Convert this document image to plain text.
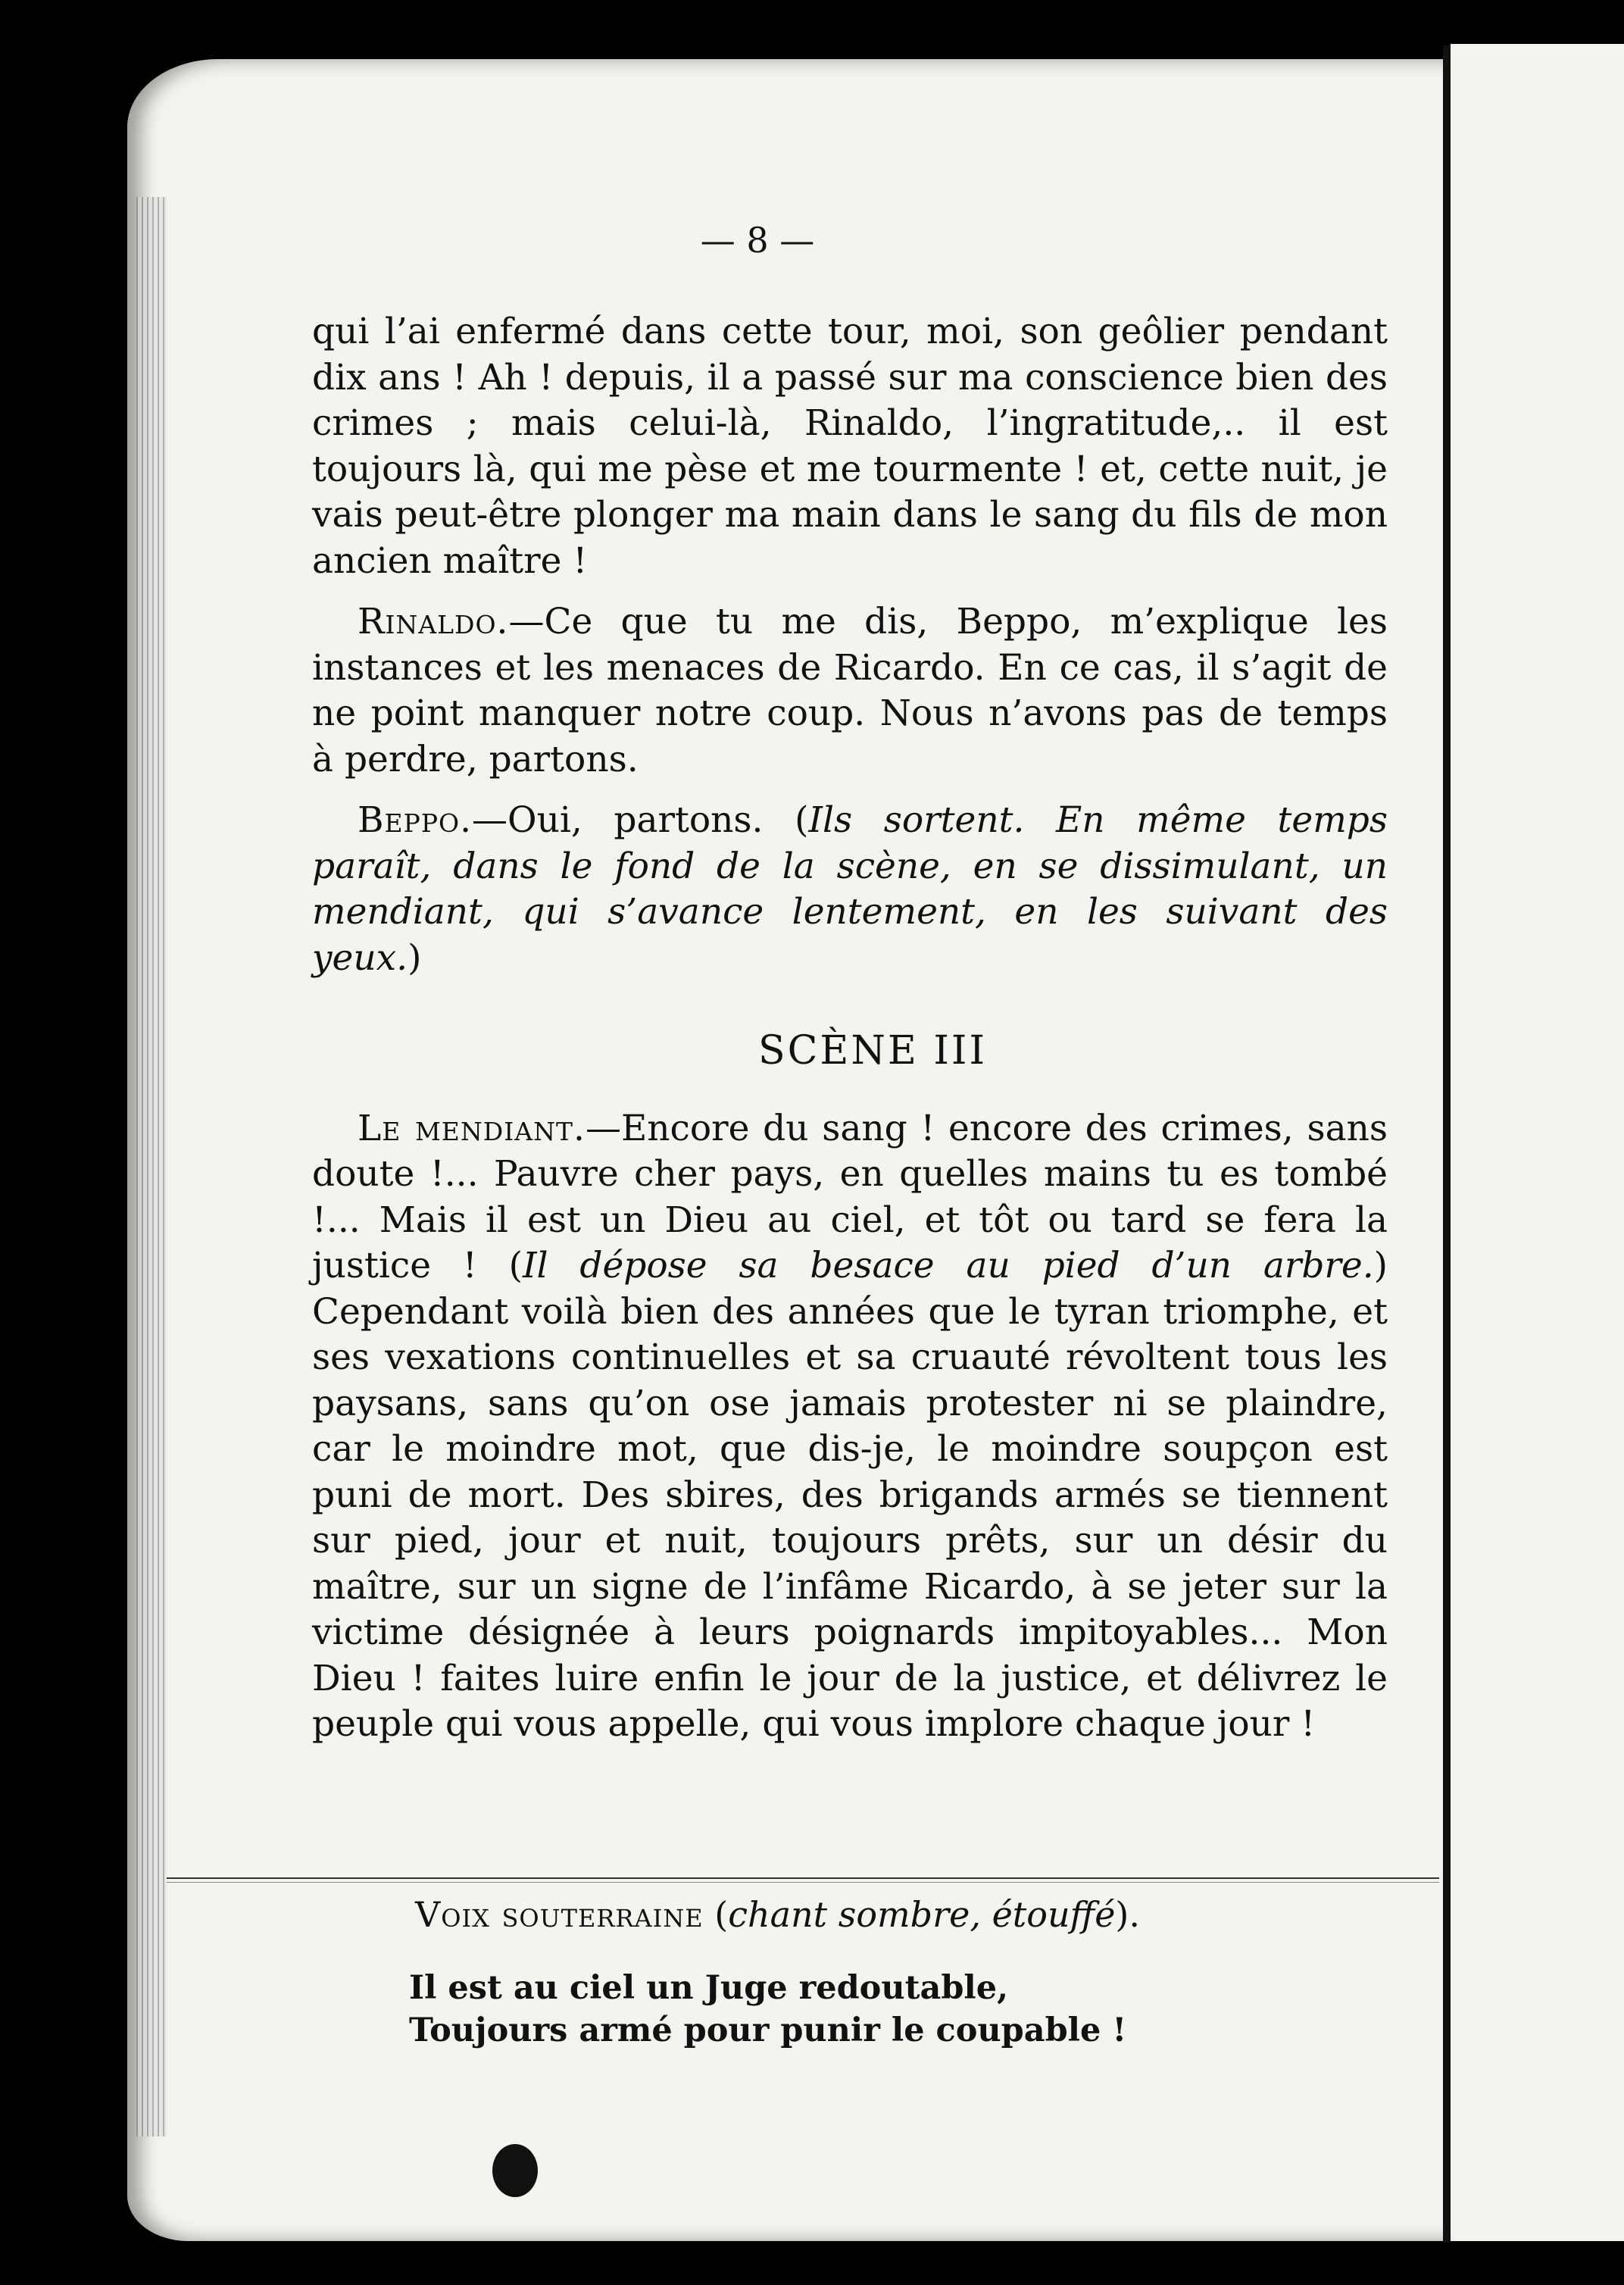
— 8 —

qui l’ai enfermé dans cette tour, moi, son geôlier pendant dix ans ! Ah ! depuis, il a passé sur ma conscience bien des crimes ; mais celui-là, Rinaldo, l’ingratitude,.. il est toujours là, qui me pèse et me tourmente ! et, cette nuit, je vais peut-être plonger ma main dans le sang du fils de mon ancien maître !

Rinaldo.—Ce que tu me dis, Beppo, m’explique les instances et les menaces de Ricardo. En ce cas, il s’agit de ne point manquer notre coup. Nous n’avons pas de temps à perdre, partons.

Beppo.—Oui, partons. (Ils sortent. En même temps paraît, dans le fond de la scène, en se dissimulant, un mendiant, qui s’avance lentement, en les suivant des yeux.)

SCÈNE III

Le mendiant.—Encore du sang ! encore des crimes, sans doute !... Pauvre cher pays, en quelles mains tu es tombé !... Mais il est un Dieu au ciel, et tôt ou tard se fera la justice ! (Il dépose sa besace au pied d’un arbre.) Cependant voilà bien des années que le tyran triomphe, et ses vexations continuelles et sa cruauté révoltent tous les paysans, sans qu’on ose jamais protester ni se plaindre, car le moindre mot, que dis-je, le moindre soupçon est puni de mort. Des sbires, des brigands armés se tiennent sur pied, jour et nuit, toujours prêts, sur un désir du maître, sur un signe de l’infâme Ricardo, à se jeter sur la victime désignée à leurs poignards impitoyables... Mon Dieu ! faites luire enfin le jour de la justice, et délivrez le peuple qui vous appelle, qui vous implore chaque jour !

Voix souterraine (chant sombre, étouffé).
Il est au ciel un Juge redoutable,
Toujours armé pour punir le coupable !
